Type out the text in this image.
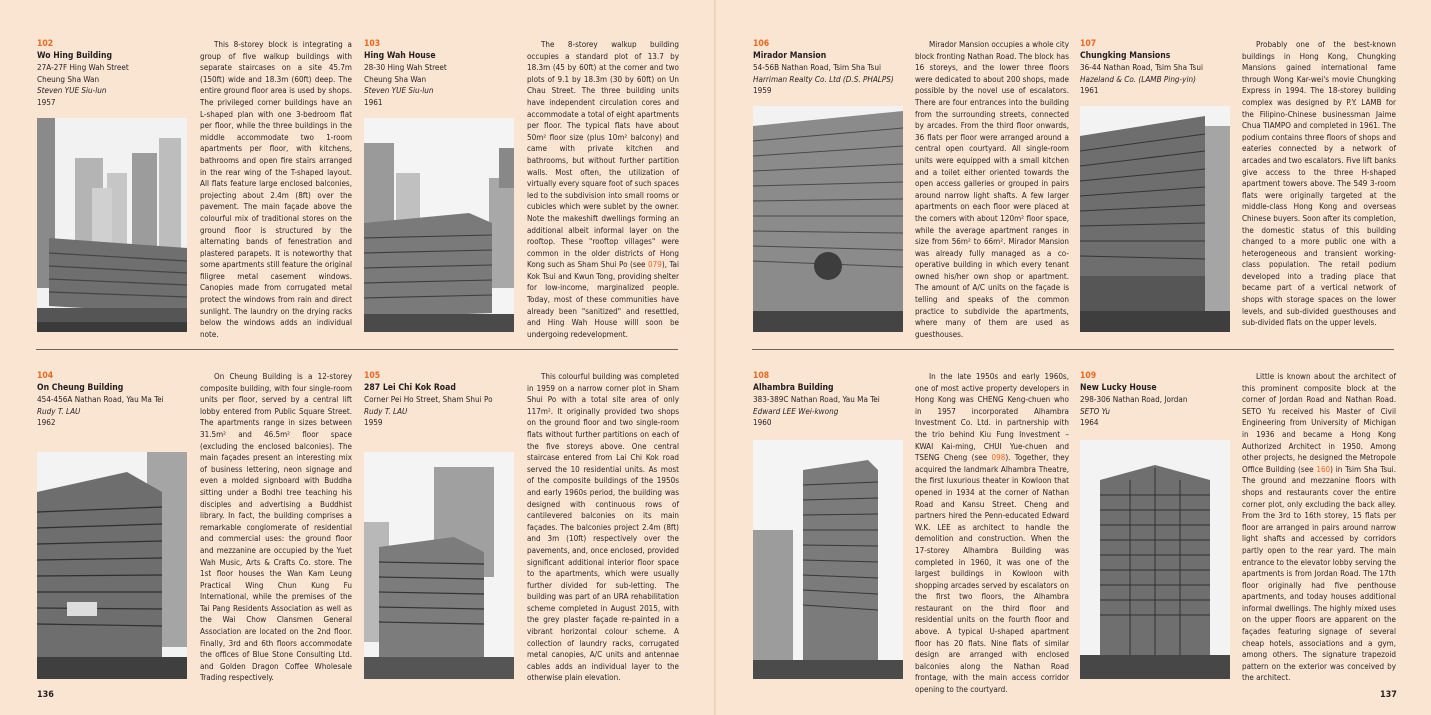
102
Wo Hing Building
27A-27F Hing Wah Street
Cheung Sha Wan
Steven YUE Siu-lun
1957

This 8-storey block is integrating a group of five walkup buildings with separate staircases on a site 45.7m (150ft) wide and 18.3m (60ft) deep. The entire ground floor area is used by shops. The privileged corner buildings have an L-shaped plan with one 3-bedroom flat per floor, while the three buildings in the middle accommodate two 1-room apartments per floor, with kitchens, bathrooms and open fire stairs arranged in the rear wing of the T-shaped layout. All flats feature large enclosed balconies, projecting about 2.4m (8ft) over the pavement. The main façade above the colourful mix of traditional stores on the ground floor is structured by the alternating bands of fenestration and plastered parapets. It is noteworthy that some apartments still feature the original filigree metal casement windows. Canopies made from corrugated metal protect the windows from rain and direct sunlight. The laundry on the drying racks below the windows adds an individual note.

103
Hing Wah House
28-30 Hing Wah Street
Cheung Sha Wan
Steven YUE Siu-lun
1961

The 8-storey walkup building occupies a standard plot of 13.7 by 18.3m (45 by 60ft) at the corner and two plots of 9.1 by 18.3m (30 by 60ft) on Un Chau Street. The three building units have independent circulation cores and accommodate a total of eight apartments per floor. The typical flats have about 50m² floor size (plus 10m² balcony) and came with private kitchen and bathrooms, but without further partition walls. Most often, the utilization of virtually every square foot of such spaces led to the subdivision into small rooms or cubicles which were sublet by the owner. Note the makeshift dwellings forming an additional albeit informal layer on the rooftop. These "rooftop villages" were common in the older districts of Hong Kong such as Sham Shui Po (see 079), Tai Kok Tsui and Kwun Tong, providing shelter for low-income, marginalized people. Today, most of these communities have already been "sanitized" and resettled, and Hing Wah House willl soon be undergoing redevelopment.

104
On Cheung Building
454-456A Nathan Road, Yau Ma Tei
Rudy T. LAU
1962

On Cheung Building is a 12-storey composite building, with four single-room units per floor, served by a central lift lobby entered from Public Square Street. The apartments range in sizes between 31.5m² and 46.5m² floor space (excluding the enclosed balconies). The main façades present an interesting mix of business lettering, neon signage and even a molded signboard with Buddha sitting under a Bodhi tree teaching his disciples and advertising a Buddhist library. In fact, the building comprises a remarkable conglomerate of residential and commercial uses: the ground floor and mezzanine are occupied by the Yuet Wah Music, Arts & Crafts Co. store. The 1st floor houses the Wan Kam Leung Practical Wing Chun Kung Fu International, while the premises of the Tai Pang Residents Association as well as the Wai Chow Clansmen General Association are located on the 2nd floor. Finally, 3rd and 6th floors accommodate the offices of Blue Stone Consulting Ltd. and Golden Dragon Coffee Wholesale Trading respectively.

105
287 Lei Chi Kok Road
Corner Pei Ho Street, Sham Shui Po
Rudy T. LAU
1959

This colourful building was completed in 1959 on a narrow corner plot in Sham Shui Po with a total site area of only 117m². It originally provided two shops on the ground floor and two single-room flats without further partitions on each of the five storeys above. One central staircase entered from Lai Chi Kok road served the 10 residential units. As most of the composite buildings of the 1950s and early 1960s period, the building was designed with continuous rows of cantilevered balconies on its main façades. The balconies project 2.4m (8ft) and 3m (10ft) respectively over the pavements, and, once enclosed, provided significant additional interior floor space to the apartments, which were usually further divided for sub-letting. The building was part of an URA rehabilitation scheme completed in August 2015, with the grey plaster façade re-painted in a vibrant horizontal colour scheme. A collection of laundry racks, corrugated metal canopies, A/C units and antennae cables adds an individual layer to the otherwise plain elevation.

136
106
Mirador Mansion
54-56B Nathan Road, Tsim Sha Tsui
Harriman Realty Co. Ltd (D.S. PHALPS)
1959

Mirador Mansion occupies a whole city block fronting Nathan Road. The block has 16 storeys, and the lower three floors were dedicated to about 200 shops, made possible by the novel use of escalators. There are four entrances into the building from the surrounding streets, connected by arcades. From the third floor onwards, 36 flats per floor were arranged around a central open courtyard. All single-room units were equipped with a small kitchen and a toilet either oriented towards the open access galleries or grouped in pairs around narrow light shafts. A few larger apartments on each floor were placed at the corners with about 120m² floor space, while the average apartment ranges in size from 56m² to 66m². Mirador Mansion was already fully managed as a co-operative building in which every tenant owned his/her own shop or apartment. The amount of A/C units on the façade is telling and speaks of the common practice to subdivide the apartments, where many of them are used as guesthouses.

107
Chungking Mansions
36-44 Nathan Road, Tsim Sha Tsui
Hazeland & Co. (LAMB Ping-yin)
1961

Probably one of the best-known buildings in Hong Kong, Chungking Mansions gained international fame through Wong Kar-wei's movie Chungking Express in 1994. The 18-storey building complex was designed by P.Y. LAMB for the Filipino-Chinese businessman Jaime Chua TIAMPO and completed in 1961. The podium contains three floors of shops and eateries connected by a network of arcades and two escalators. Five lift banks give access to the three H-shaped apartment towers above. The 549 3-room flats were originally targeted at the middle-class Hong Kong and overseas Chinese buyers. Soon after its completion, the domestic status of this building changed to a more public one with a heterogeneous and transient working-class population. The retail podium developed into a trading place that became part of a vertical network of shops with storage spaces on the lower levels, and sub-divided guesthouses and sub-divided flats on the upper levels.

108
Alhambra Building
383-389C Nathan Road, Yau Ma Tei
Edward LEE Wei-kwong
1960

In the late 1950s and early 1960s, one of most active property developers in Hong Kong was CHENG Keng-chuen who in 1957 incorporated Alhambra Investment Co. Ltd. in partnership with the trio behind Kiu Fung Investment – KWAI Kai-ming, CHUI Yue-chuen and TSENG Cheng (see 098). Together, they acquired the landmark Alhambra Theatre, the first luxurious theater in Kowloon that opened in 1934 at the corner of Nathan Road and Kansu Street. Cheng and partners hired the Penn-educated Edward W.K. LEE as architect to handle the demolition and construction. When the 17-storey Alhambra Building was completed in 1960, it was one of the largest buildings in Kowloon with shopping arcades served by escalators on the first two floors, the Alhambra restaurant on the third floor and residential units on the fourth floor and above. A typical U-shaped apartment floor has 20 flats. Nine flats of similar design are arranged with enclosed balconies along the Nathan Road frontage, with the main access corridor opening to the courtyard.

109
New Lucky House
298-306 Nathan Road, Jordan
SETO Yu
1964

Little is known about the architect of this prominent composite block at the corner of Jordan Road and Nathan Road. SETO Yu received his Master of Civil Engineering from University of Michigan in 1936 and became a Hong Kong Authorized Architect in 1950. Among other projects, he designed the Metropole Office Building (see 160) in Tsim Sha Tsui. The ground and mezzanine floors with shops and restaurants cover the entire corner plot, only excluding the back alley. From the 3rd to 16th storey, 15 flats per floor are arranged in pairs around narrow light shafts and accessed by corridors partly open to the rear yard. The main entrance to the elevator lobby serving the apartments is from Jordan Road. The 17th floor originally had five penthouse apartments, and today houses additional informal dwellings. The highly mixed uses on the upper floors are apparent on the façades featuring signage of several cheap hotels, associations and a gym, among others. The signature trapezoid pattern on the exterior was conceived by the architect.

137
